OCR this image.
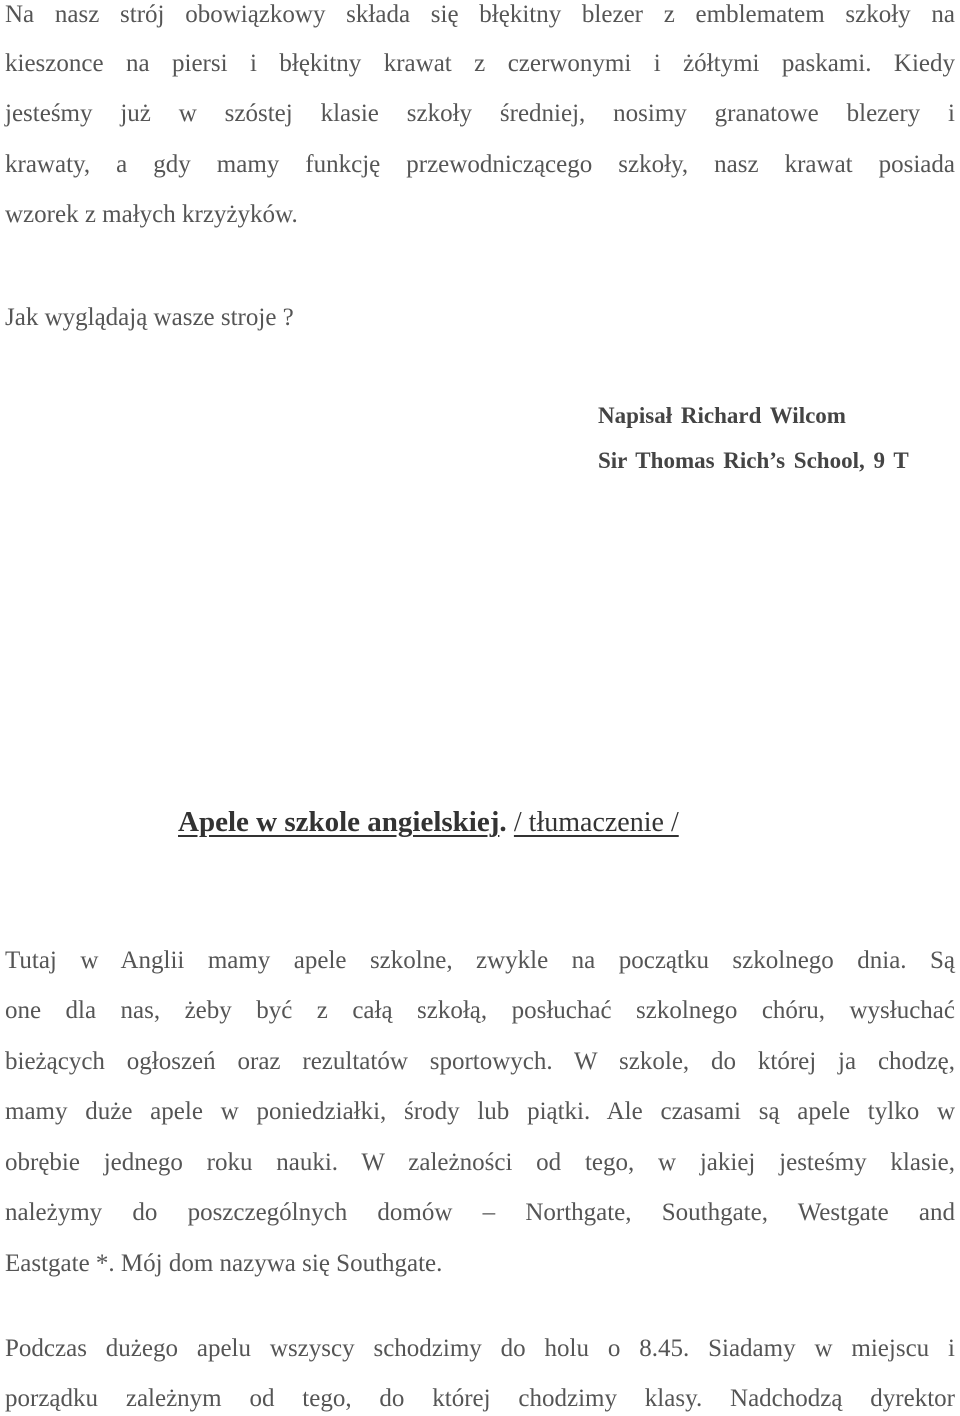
Na nasz strój obowiązkowy składa się błękitny blezer z emblematem szkoły na
kieszonce na piersi i błękitny krawat z czerwonymi i żółtymi paskami. Kiedy
jesteśmy już w szóstej klasie szkoły średniej, nosimy granatowe blezery i
krawaty, a gdy mamy funkcję przewodniczącego szkoły, nasz krawat posiada
wzorek z małych krzyżyków.
Jak wyglądają wasze stroje ?
Napisał Richard Wilcom
Sir Thomas Rich’s School, 9 T
Apele w szkole angielskiej. / tłumaczenie /
Tutaj w Anglii mamy apele szkolne, zwykle na początku szkolnego dnia. Są
one dla nas, żeby być z całą szkołą, posłuchać szkolnego chóru, wysłuchać
bieżących ogłoszeń oraz rezultatów sportowych. W szkole, do której ja chodzę,
mamy duże apele w poniedziałki, środy lub piątki. Ale czasami są apele tylko w
obrębie jednego roku nauki. W zależności od tego, w jakiej jesteśmy klasie,
należymy do poszczególnych domów – Northgate, Southgate, Westgate and
Eastgate *. Mój dom nazywa się Southgate.
Podczas dużego apelu wszyscy schodzimy do holu o 8.45. Siadamy w miejscu i
porządku zależnym od tego, do której chodzimy klasy. Nadchodzą dyrektor
